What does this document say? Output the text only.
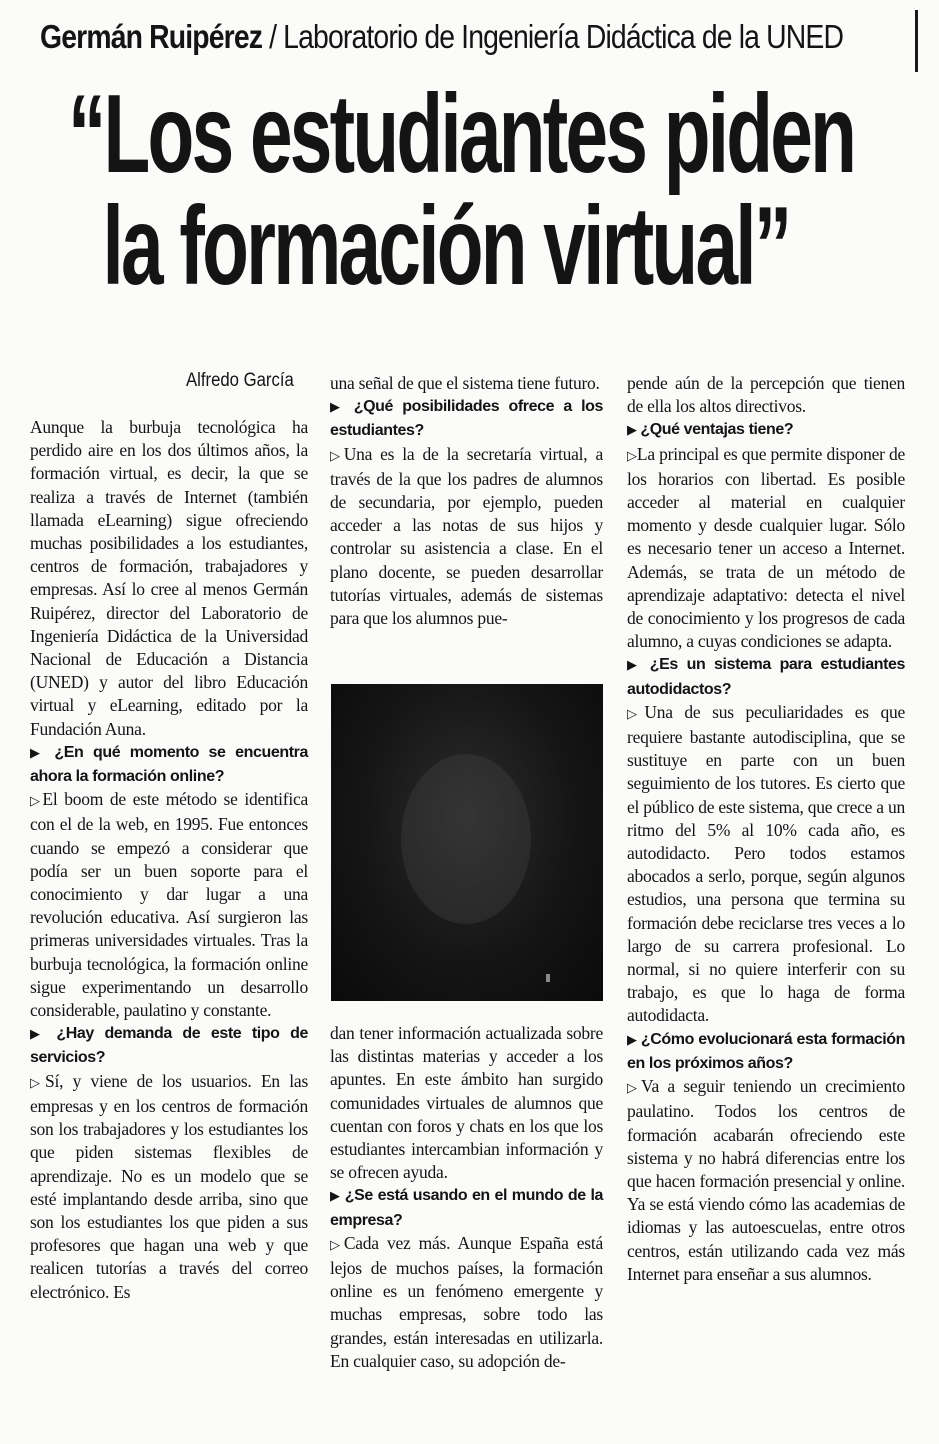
Germán Ruipérez / Laboratorio de Ingeniería Didáctica de la UNED
“Los estudiantes piden
la formación virtual”
Alfredo García

Aunque la burbuja tecnológica ha perdido aire en los dos últimos años, la formación virtual, es decir, la que se realiza a través de Internet (también llamada eLearning) sigue ofreciendo muchas posibilidades a los estudiantes, centros de formación, trabajadores y empresas. Así lo cree al menos Germán Ruipérez, director del Laboratorio de Ingeniería Didáctica de la Universidad Nacional de Educación a Distancia (UNED) y autor del libro Educación virtual y eLearning, editado por la Fundación Auna.

▶ ¿En qué momento se encuentra ahora la formación online?

▷ El boom de este método se identifica con el de la web, en 1995. Fue entonces cuando se empezó a considerar que podía ser un buen soporte para el conocimiento y dar lugar a una revolución educativa. Así surgieron las primeras universidades virtuales. Tras la burbuja tecnológica, la formación online sigue experimentando un desarrollo considerable, paulatino y constante.

▶ ¿Hay demanda de este tipo de servicios?

▷ Sí, y viene de los usuarios. En las empresas y en los centros de formación son los trabajadores y los estudiantes los que piden sistemas flexibles de aprendizaje. No es un modelo que se esté implantando desde arriba, sino que son los estudiantes los que piden a sus profesores que hagan una web y que realicen tutorías a través del correo electrónico. Es

una señal de que el sistema tiene futuro.

▶ ¿Qué posibilidades ofrece a los estudiantes?

▷ Una es la de la secretaría virtual, a través de la que los padres de alumnos de secundaria, por ejemplo, pueden acceder a las notas de sus hijos y controlar su asistencia a clase. En el plano docente, se pueden desarrollar tutorías virtuales, además de sistemas para que los alumnos pue-

dan tener información actualizada sobre las distintas materias y acceder a los apuntes. En este ámbito han surgido comunidades virtuales de alumnos que cuentan con foros y chats en los que los estudiantes intercambian información y se ofrecen ayuda.

▶ ¿Se está usando en el mundo de la empresa?

▷ Cada vez más. Aunque España está lejos de muchos países, la formación online es un fenómeno emergente y muchas empresas, sobre todo las grandes, están interesadas en utilizarla. En cualquier caso, su adopción de-

pende aún de la percepción que tienen de ella los altos directivos.

▶ ¿Qué ventajas tiene?

▷ La principal es que permite disponer de los horarios con libertad. Es posible acceder al material en cualquier momento y desde cualquier lugar. Sólo es necesario tener un acceso a Internet. Además, se trata de un método de aprendizaje adaptativo: detecta el nivel de conocimiento y los progresos de cada alumno, a cuyas condiciones se adapta.

▶ ¿Es un sistema para estudiantes autodidactos?

▷ Una de sus peculiaridades es que requiere bastante autodisciplina, que se sustituye en parte con un buen seguimiento de los tutores. Es cierto que el público de este sistema, que crece a un ritmo del 5% al 10% cada año, es autodidacto. Pero todos estamos abocados a serlo, porque, según algunos estudios, una persona que termina su formación debe reciclarse tres veces a lo largo de su carrera profesional. Lo normal, si no quiere interferir con su trabajo, es que lo haga de forma autodidacta.

▶ ¿Cómo evolucionará esta formación en los próximos años?

▷ Va a seguir teniendo un crecimiento paulatino. Todos los centros de formación acabarán ofreciendo este sistema y no habrá diferencias entre los que hacen formación presencial y online. Ya se está viendo cómo las academias de idiomas y las autoescuelas, entre otros centros, están utilizando cada vez más Internet para enseñar a sus alumnos.
